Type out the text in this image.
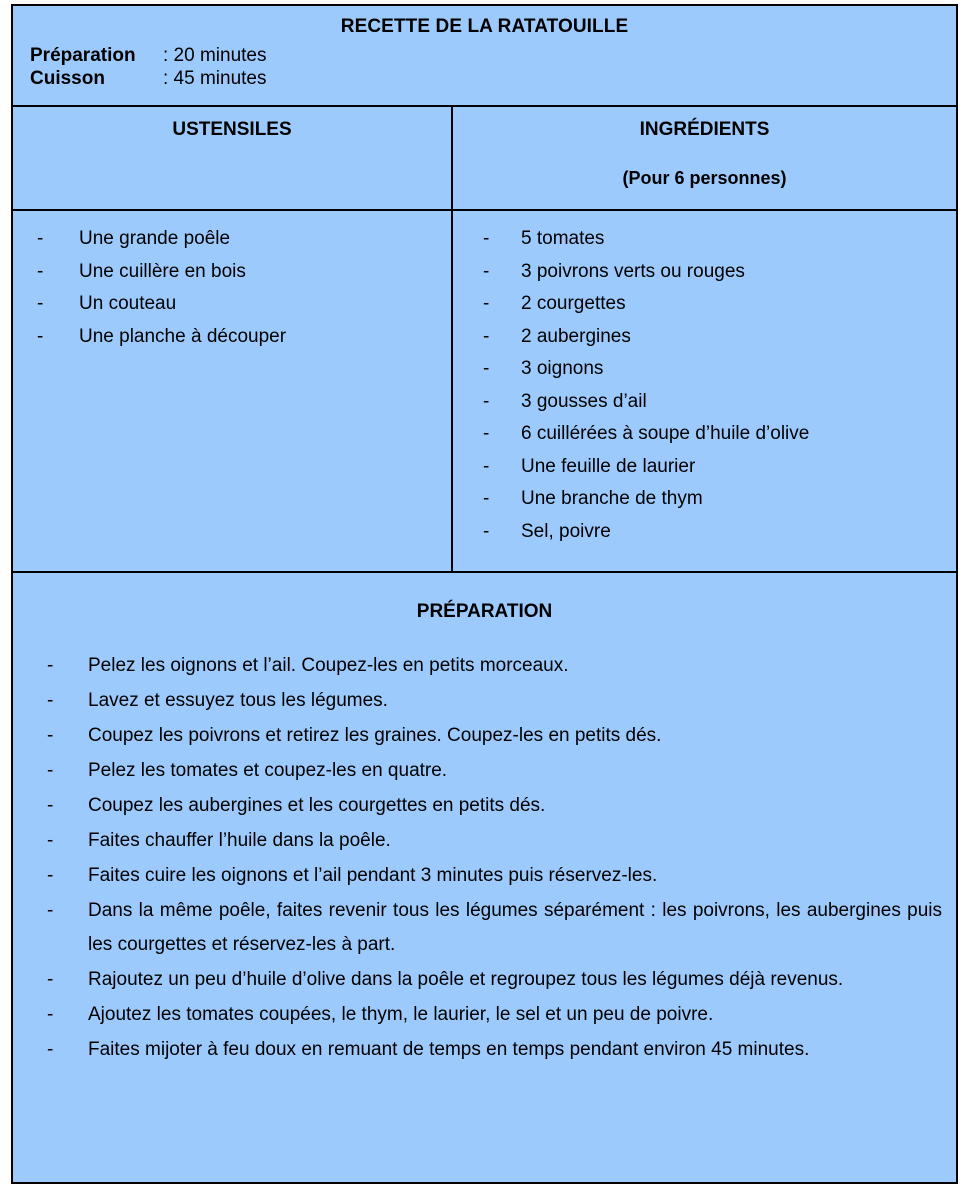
RECETTE DE LA RATATOUILLE
Préparation	: 20 minutes
Cuisson	: 45 minutes
USTENSILES
-	Une grande poêle
-	Une cuillère en bois
-	Un couteau
-	Une planche à découper
INGRÉDIENTS
(Pour 6 personnes)
-	5 tomates
-	3 poivrons verts ou rouges
-	2 courgettes
-	2 aubergines
-	3 oignons
-	3 gousses d’ail
-	6 cuillérées à soupe d’huile d’olive
-	Une feuille de laurier
-	Une branche de thym
-	Sel, poivre
PRÉPARATION
-	Pelez les oignons et l’ail. Coupez-les en petits morceaux.
-	Lavez et essuyez tous les légumes.
-	Coupez les poivrons et retirez les graines. Coupez-les en petits dés.
-	Pelez les tomates et coupez-les en quatre.
-	Coupez les aubergines et les courgettes en petits dés.
-	Faites chauffer l’huile dans la poêle.
-	Faites cuire les oignons et l’ail pendant 3 minutes puis réservez-les.
-	Dans la même poêle, faites revenir tous les légumes séparément : les poivrons, les aubergines puis les courgettes et réservez-les à part.
-	Rajoutez un peu d’huile d’olive dans la poêle et regroupez tous les légumes déjà revenus.
-	Ajoutez les tomates coupées, le thym, le laurier, le sel et un peu de poivre.
-	Faites mijoter à feu doux en remuant de temps en temps pendant environ 45 minutes.
